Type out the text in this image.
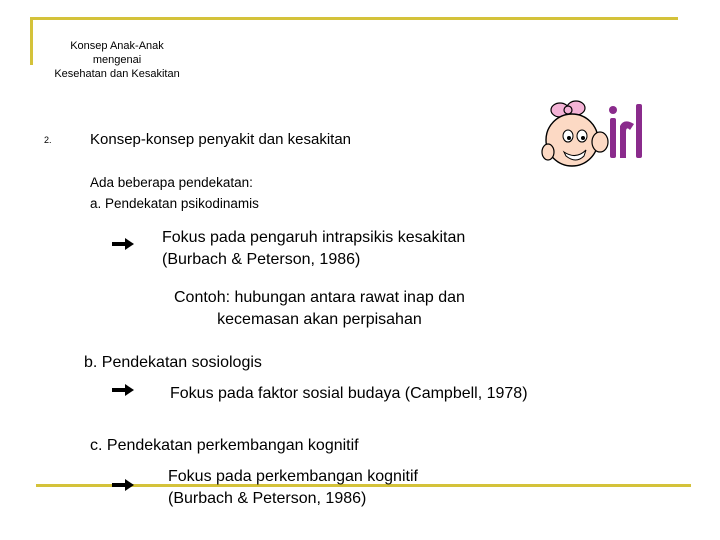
Konsep Anak-Anak
mengenai
Kesehatan dan Kesakitan
2.	Konsep-konsep penyakit dan kesakitan
Ada beberapa pendekatan:
a. Pendekatan psikodinamis
Fokus pada pengaruh intrapsikis kesakitan
(Burbach & Peterson, 1986)
Contoh: hubungan antara rawat inap dan
kecemasan akan perpisahan
b. Pendekatan sosiologis
Fokus pada faktor sosial budaya (Campbell, 1978)
c. Pendekatan perkembangan kognitif
Fokus pada perkembangan kognitif
(Burbach & Peterson, 1986)
